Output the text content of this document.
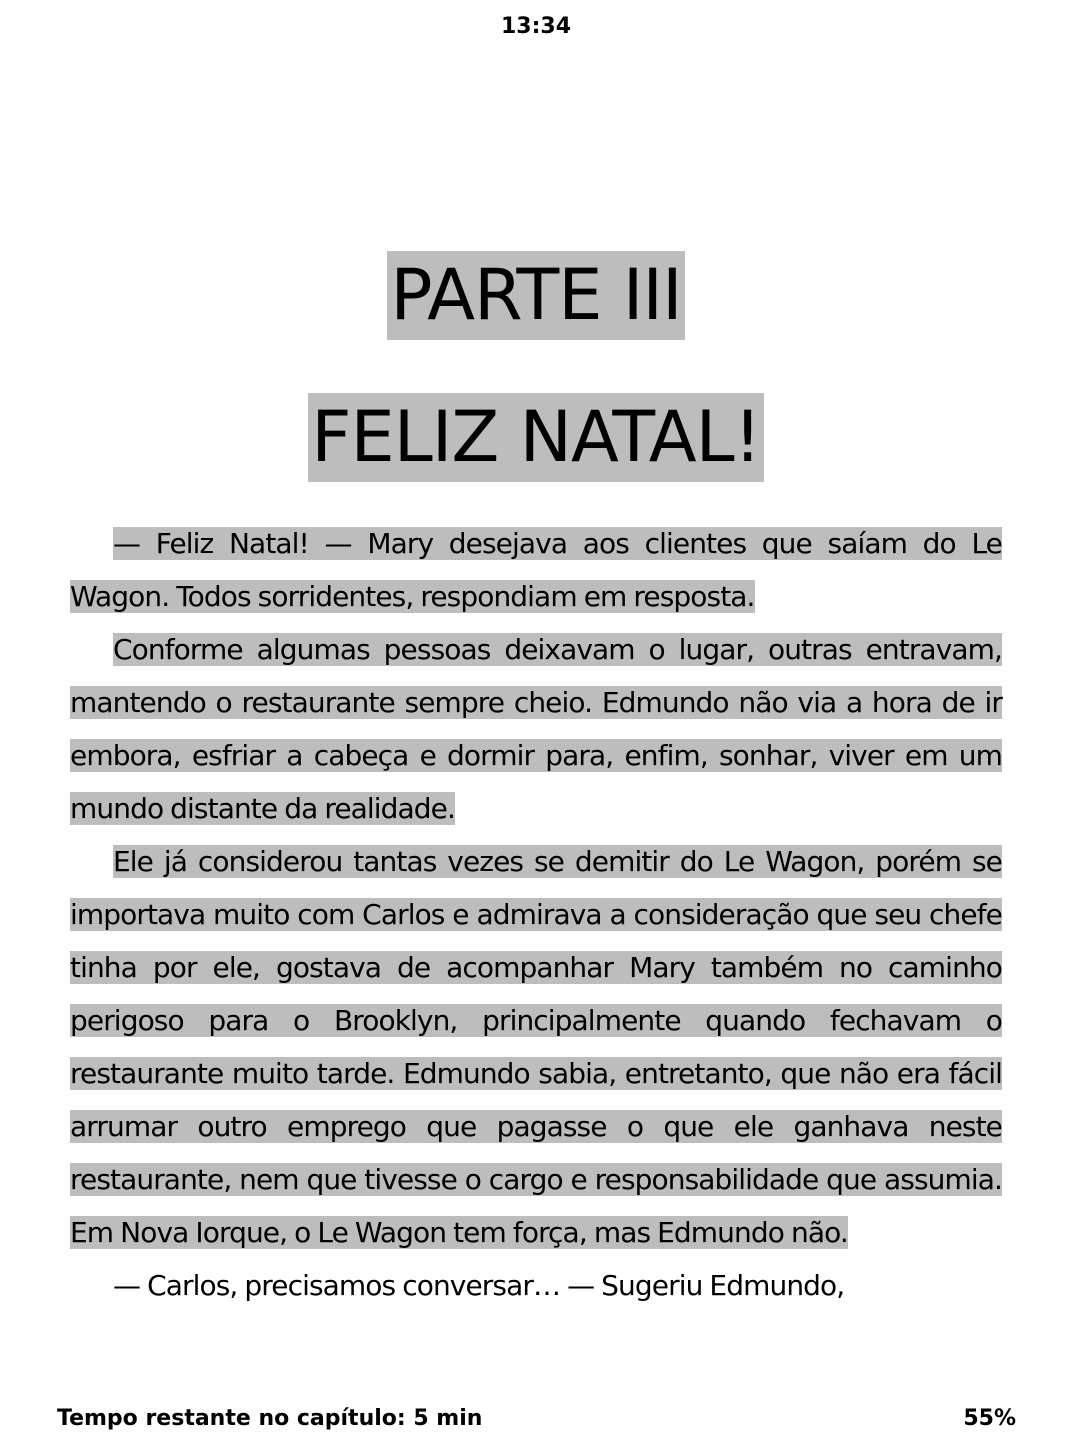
13:34
PARTE III
FELIZ NATAL!

— Feliz Natal! — Mary desejava aos clientes que saíam do Le Wagon. Todos sorridentes, respondiam em resposta.

Conforme algumas pessoas deixavam o lugar, outras entravam, mantendo o restaurante sempre cheio. Edmundo não via a hora de ir embora, esfriar a cabeça e dormir para, enfim, sonhar, viver em um mundo distante da realidade.

Ele já considerou tantas vezes se demitir do Le Wagon, porém se importava muito com Carlos e admirava a consideração que seu chefe tinha por ele, gostava de acompanhar Mary também no caminho perigoso para o Brooklyn, principalmente quando fechavam o restaurante muito tarde. Edmundo sabia, entretanto, que não era fácil arrumar outro emprego que pagasse o que ele ganhava neste restaurante, nem que tivesse o cargo e responsabilidade que assumia. Em Nova Iorque, o Le Wagon tem força, mas Edmundo não.

— Carlos, precisamos conversar… — Sugeriu Edmundo,

Tempo restante no capítulo: 5 min	55%
